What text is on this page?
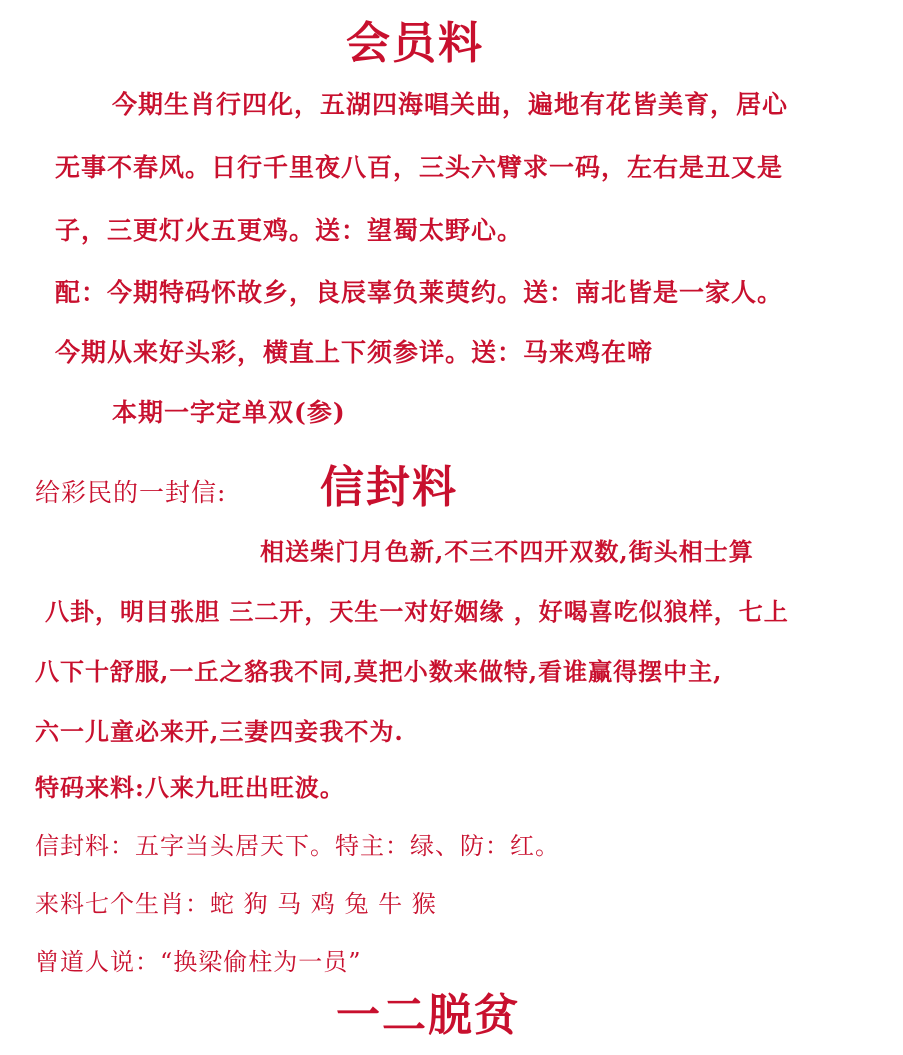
会员料
今期生肖行四化，五湖四海唱关曲，遍地有花皆美育，居心
无事不春风。日行千里夜八百，三头六臂求一码，左右是丑又是
子，三更灯火五更鸡。送：望蜀太野心。
配：今期特码怀故乡，良辰辜负莱萸约。送：南北皆是一家人。
今期从来好头彩，横直上下须参详。送：马来鸡在啼
本期一字定单双(参)
给彩民的一封信: 信封料
相送柴门月色新,不三不四开双数,街头相士算
八卦，明目张胆 三二开，天生一对好姻缘 ，好喝喜吃似狼样，七上
八下十舒服,一丘之貉我不同,莫把小数来做特,看谁赢得摆中主,
六一儿童必来开,三妻四妾我不为.
特码来料:八来九旺出旺波。
信封料：五字当头居天下。特主：绿、防：红。
来料七个生肖：蛇 狗 马 鸡 兔 牛 猴
曾道人说：“换梁偷柱为一员”
一二脱贫
